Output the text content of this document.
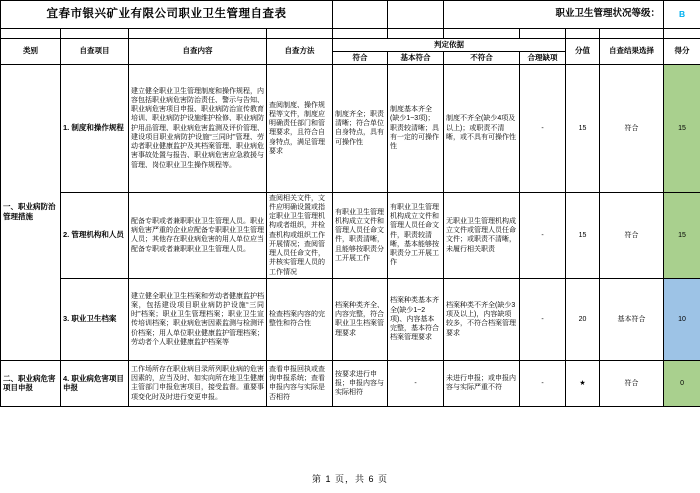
宜春市银兴矿业有限公司职业卫生管理自查表						职业卫生管理状况等级：				B

类别	自查项目	自查内容	自查方法	判定依据				分值	自查结果选择	得分
				符合	基本符合	不符合	合理缺项			
一、职业病防治管理措施	1. 制度和操作规程	建立健全职业卫生管理制度和操作规程，内容包括职业病危害防治责任、警示与告知、职业病危害项目申报、职业病防治宣传教育培训、职业病防护设施维护检修、职业病防护用品管理、职业病危害监测及评价管理、建设项目职业病防护设施“三同时”管理、劳动者职业健康监护及其档案管理、职业病危害事故处置与报告、职业病危害应急救援与管理、岗位职业卫生操作规程等。	查阅制度、操作规程等文件，制度应明确责任部门和管理要求，且符合自身特点，满足管理要求	制度齐全；职责清晰；符合单位自身特点，具有可操作性	制度基本齐全(缺少1~3项)；职责较清晰；具有一定的可操作性	制度不齐全(缺少4项及以上)；或职责不清晰，或不具有可操作性	-	15	符合	15
	2. 管理机构和人员	配备专职或者兼职职业卫生管理人员。职业病危害严重的企业应配备专职职业卫生管理人员；其他存在职业病危害的用人单位应当配备专职或者兼职职业卫生管理人员。	查阅相关文件，文件应明确设置或指定职业卫生管理机构或者组织，并检查机构或组织工作开展情况；查阅管理人员任命文件，并核实管理人员的工作情况	有职业卫生管理机构成立文件和管理人员任命文件，职责清晰，且能够按职责分工开展工作	有职业卫生管理机构成立文件和管理人员任命文件，职责较清晰，基本能够按职责分工开展工作	无职业卫生管理机构成立文件或管理人员任命文件；或职责不清晰，未履行相关职责	-	15	符合	15
	3. 职业卫生档案	建立健全职业卫生档案和劳动者健康监护档案，包括建设项目职业病防护设施“三同时”档案；职业卫生管理档案；职业卫生宣传培训档案；职业病危害因素监测与检测评价档案；用人单位职业健康监护管理档案；劳动者个人职业健康监护档案等	检查档案内容的完整性和符合性	档案种类齐全、内容完整，符合职业卫生档案管理要求	档案种类基本齐全(缺少1~2项)、内容基本完整，基本符合档案管理要求	档案种类不齐全(缺少3项及以上)，内容缺项较多，不符合档案管理要求	-	20	基本符合	10
二、职业病危害项目申报	4. 职业病危害项目申报	工作场所存在职业病目录所列职业病的危害因素的，应当及时、如实向所在地卫生健康主管部门申报危害项目，接受监督。重要事项变化时及时进行变更申报。	查看申报回执或查询申报系统；查看申报内容与实际是否相符	按要求进行申报；申报内容与实际相符	-	未进行申报；或申报内容与实际严重不符	-	★	符合	0
第 1 页，共 6 页
